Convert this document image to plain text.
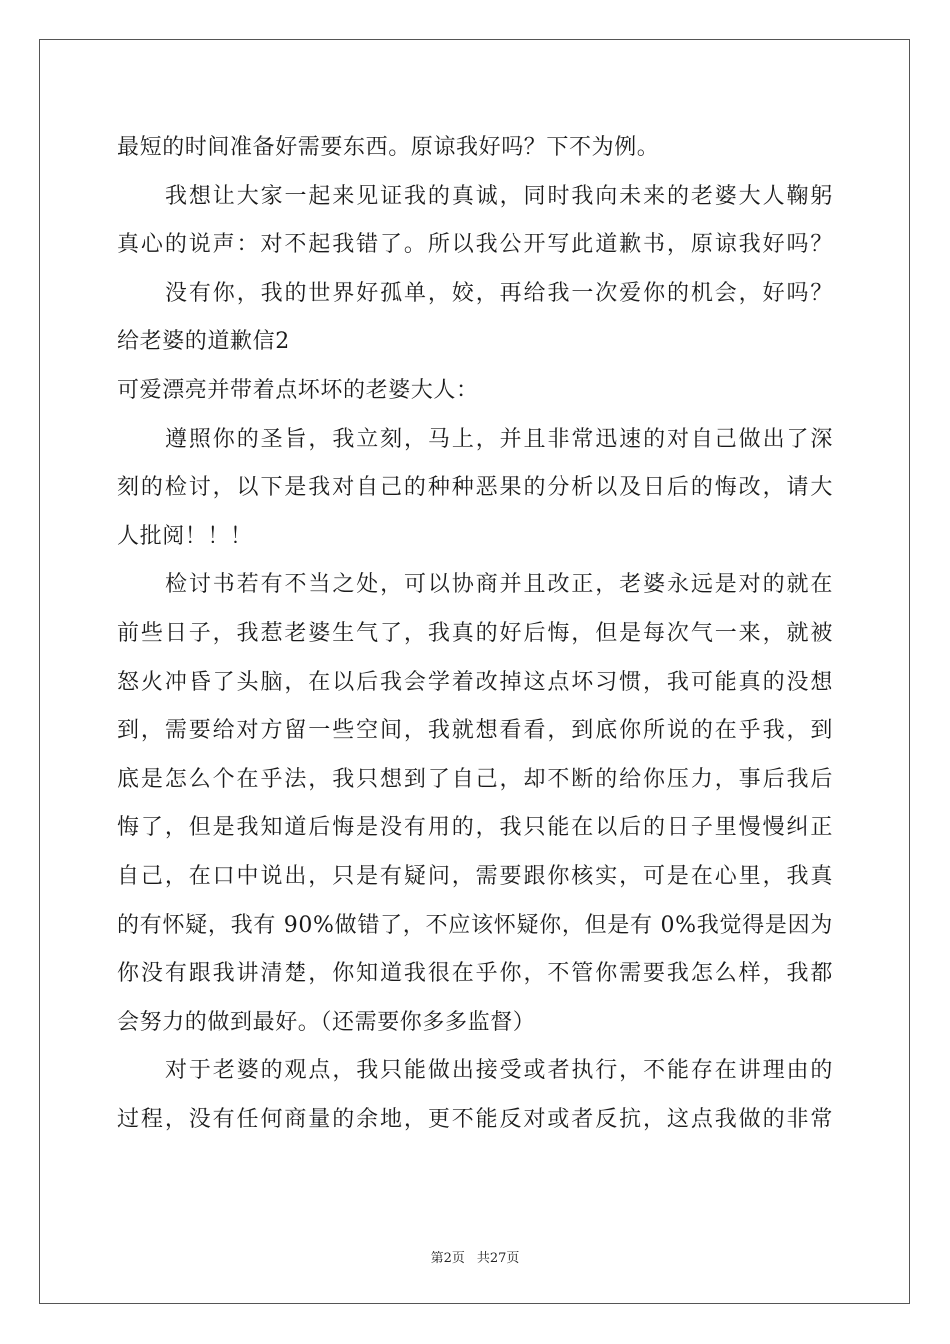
最短的时间准备好需要东西。原谅我好吗？下不为例。
我想让大家一起来见证我的真诚，同时我向未来的老婆大人鞠躬
真心的说声：对不起我错了。所以我公开写此道歉书，原谅我好吗？
没有你，我的世界好孤单，姣，再给我一次爱你的机会，好吗？
给老婆的道歉信2
可爱漂亮并带着点坏坏的老婆大人：
遵照你的圣旨，我立刻，马上，并且非常迅速的对自己做出了深
刻的检讨，以下是我对自己的种种恶果的分析以及日后的悔改，请大
人批阅！！！
检讨书若有不当之处，可以协商并且改正，老婆永远是对的就在
前些日子，我惹老婆生气了，我真的好后悔，但是每次气一来，就被
怒火冲昏了头脑，在以后我会学着改掉这点坏习惯，我可能真的没想
到，需要给对方留一些空间，我就想看看，到底你所说的在乎我，到
底是怎么个在乎法，我只想到了自己，却不断的给你压力，事后我后
悔了，但是我知道后悔是没有用的，我只能在以后的日子里慢慢纠正
自己，在口中说出，只是有疑问，需要跟你核实，可是在心里，我真
的有怀疑，我有 90%做错了，不应该怀疑你，但是有 0%我觉得是因为
你没有跟我讲清楚，你知道我很在乎你，不管你需要我怎么样，我都
会努力的做到最好。（还需要你多多监督）
对于老婆的观点，我只能做出接受或者执行，不能存在讲理由的
过程，没有任何商量的余地，更不能反对或者反抗，这点我做的非常
第2页 共27页
